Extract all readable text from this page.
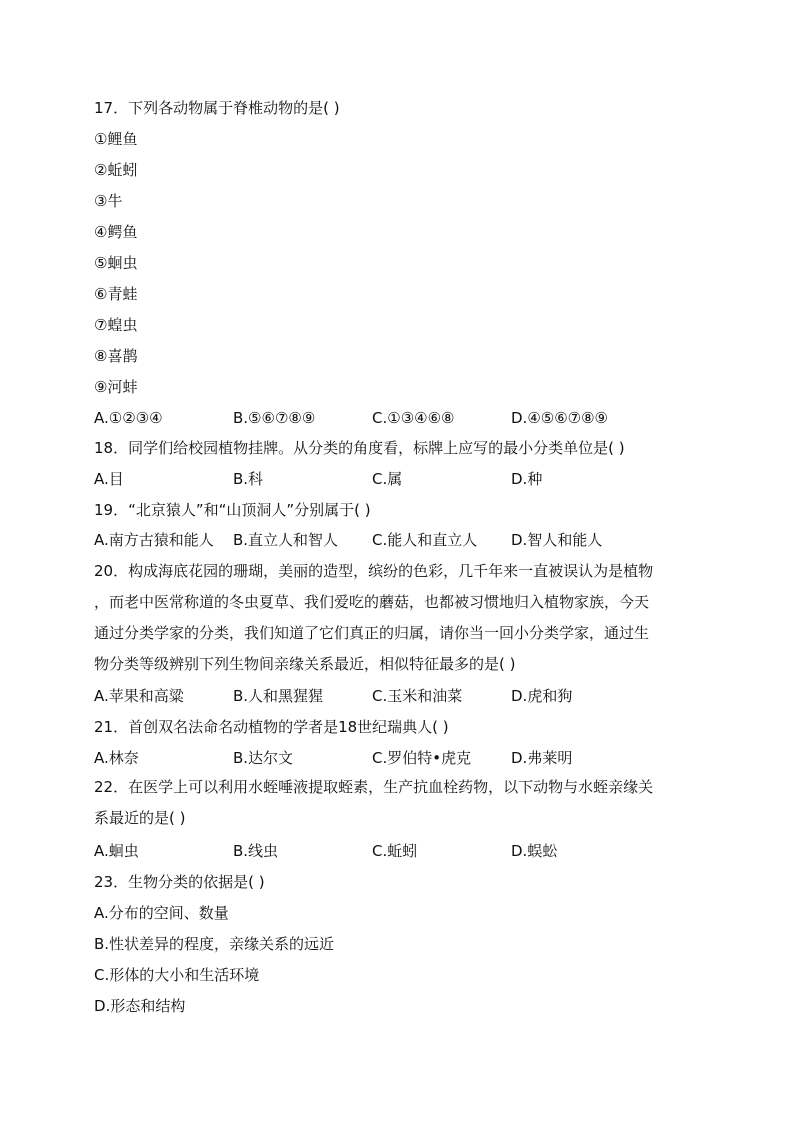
17．下列各动物属于脊椎动物的是( )
①鲤鱼
②蚯蚓
③牛
④鳄鱼
⑤蛔虫
⑥青蛙
⑦蝗虫
⑧喜鹊
⑨河蚌
A.①②③④	B.⑤⑥⑦⑧⑨	C.①③④⑥⑧	D.④⑤⑥⑦⑧⑨
18．同学们给校园植物挂牌。从分类的角度看，标牌上应写的最小分类单位是( )
A.目	B.科	C.属	D.种
19．“北京猿人”和“山顶洞人”分别属于( )
A.南方古猿和能人 B.直立人和智人 C.能人和直立人 D.智人和能人
20．构成海底花园的珊瑚，美丽的造型，缤纷的色彩，几千年来一直被误认为是植物
，而老中医常称道的冬虫夏草、我们爱吃的蘑菇，也都被习惯地归入植物家族，今天
通过分类学家的分类，我们知道了它们真正的归属，请你当一回小分类学家，通过生
物分类等级辨别下列生物间亲缘关系最近，相似特征最多的是( )
A.苹果和高粱	B.人和黑猩猩	C.玉米和油菜	D.虎和狗
21．首创双名法命名动植物的学者是18世纪瑞典人( )
A.林奈	B.达尔文	C.罗伯特•虎克	D.弗莱明
22．在医学上可以利用水蛭唾液提取蛭素，生产抗血栓药物，以下动物与水蛭亲缘关
系最近的是( )
A.蛔虫	B.线虫	C.蚯蚓	D.蜈蚣
23．生物分类的依据是( )
A.分布的空间、数量
B.性状差异的程度，亲缘关系的远近
C.形体的大小和生活环境
D.形态和结构
